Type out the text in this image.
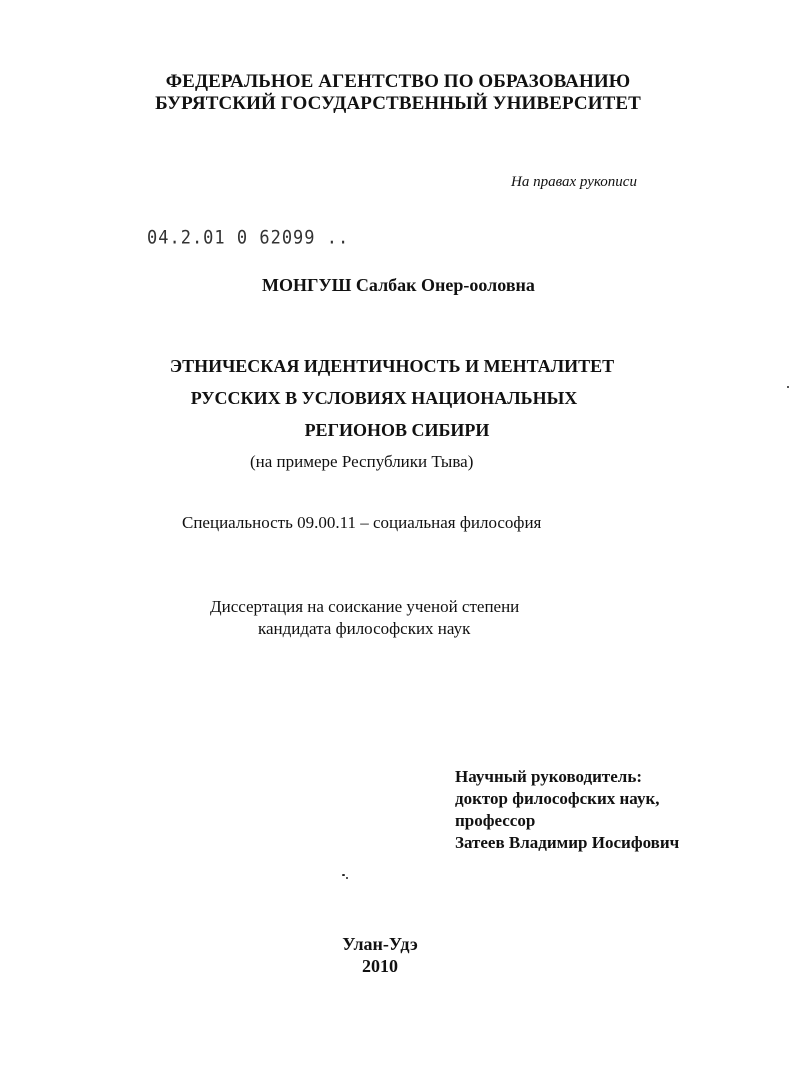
ФЕДЕРАЛЬНОЕ АГЕНТСТВО ПО ОБРАЗОВАНИЮ
БУРЯТСКИЙ ГОСУДАРСТВЕННЫЙ УНИВЕРСИТЕТ
На правах рукописи
04.2.01 0 62099 ..
МОНГУШ Салбак Онер-ооловна
ЭТНИЧЕСКАЯ ИДЕНТИЧНОСТЬ И МЕНТАЛИТЕТ
РУССКИХ В УСЛОВИЯХ НАЦИОНАЛЬНЫХ
РЕГИОНОВ СИБИРИ
(на примере Республики Тыва)
Специальность 09.00.11 – социальная философия
Диссертация на соискание ученой степени
кандидата философских наук
Научный руководитель:
доктор философских наук,
профессор
Затеев Владимир Иосифович
Улан-Удэ
2010
